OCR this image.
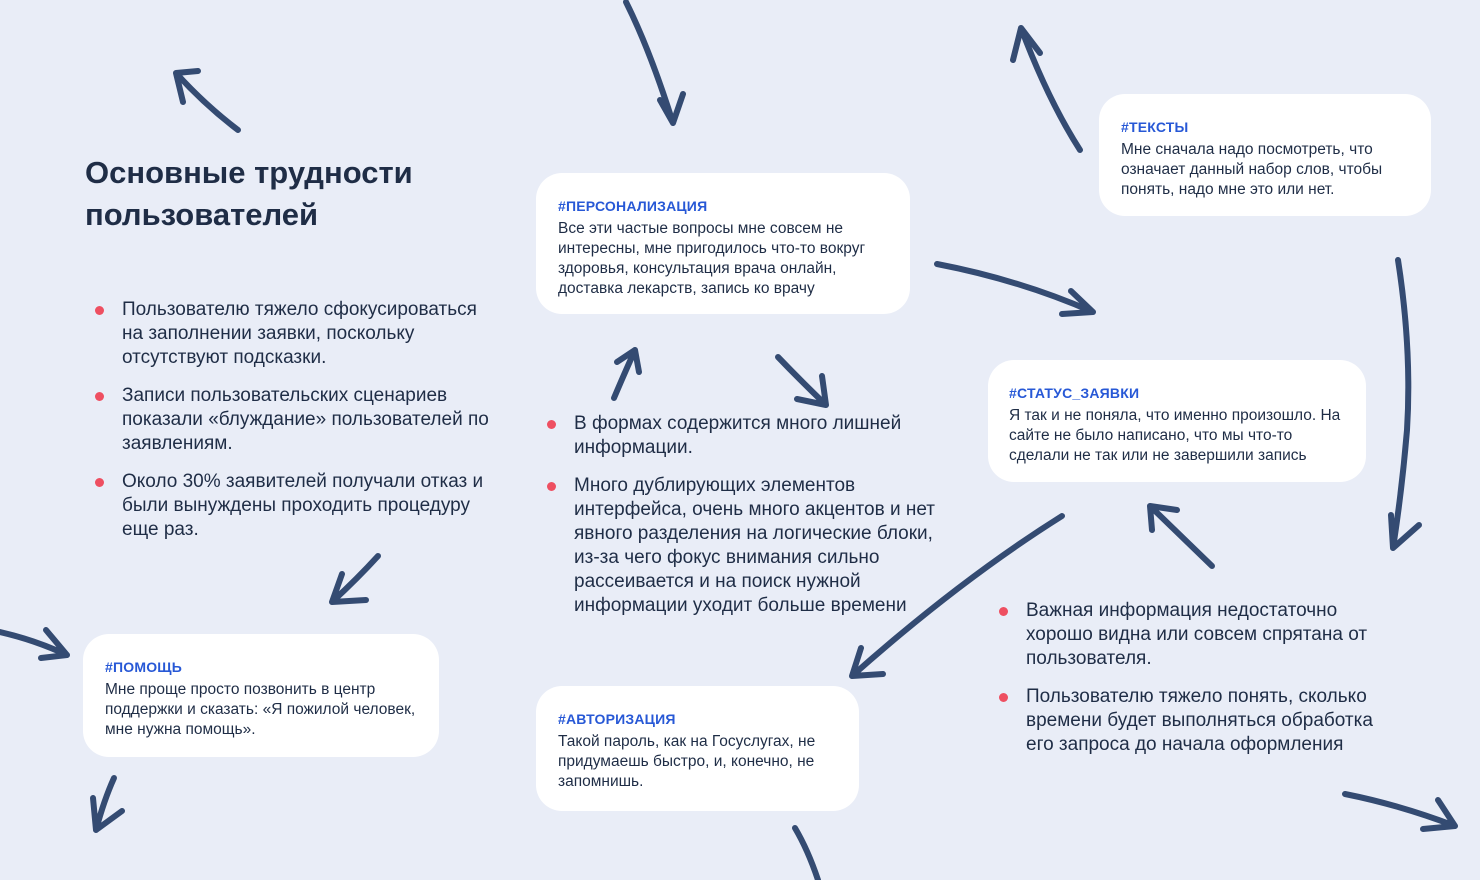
Основные трудности пользователей
Пользователю тяжело сфокусироваться на заполнении заявки, поскольку отсутствуют подсказки.
Записи пользовательских сценариев показали «блуждание» пользователей по заявлениям.
Около 30% заявителей получали отказ и были вынуждены проходить процедуру еще раз.
В формах содержится много лишней информации.
Много дублирующих элементов интерфейса, очень много акцентов и нет явного разделения на логические блоки, из-за чего фокус внимания сильно рассеивается и на поиск нужной информации уходит больше времени	Важная информация недостаточно хорошо видна или совсем спрятана от пользователя.
Пользователю тяжело понять, сколько времени будет выполняться обработка его запроса до начала оформления
#ПЕРСОНАЛИЗАЦИЯ
Все эти частые вопросы мне совсем не интересны, мне пригодилось что-то вокруг здоровья, консультация врача онлайн, доставка лекарств, запись ко врачу
#ТЕКСТЫ
Мне сначала надо посмотреть, что означает данный набор слов, чтобы понять, надо мне это или нет.
#СТАТУС_ЗАЯВКИ
Я так и не поняла, что именно произошло. На сайте не было написано, что мы что-то сделали не так или не завершили запись
#ПОМОЩЬ
Мне проще просто позвонить в центр поддержки и сказать: «Я пожилой человек, мне нужна помощь».
#АВТОРИЗАЦИЯ
Такой пароль, как на Госуслугах, не придумаешь быстро, и, конечно, не запомнишь.
